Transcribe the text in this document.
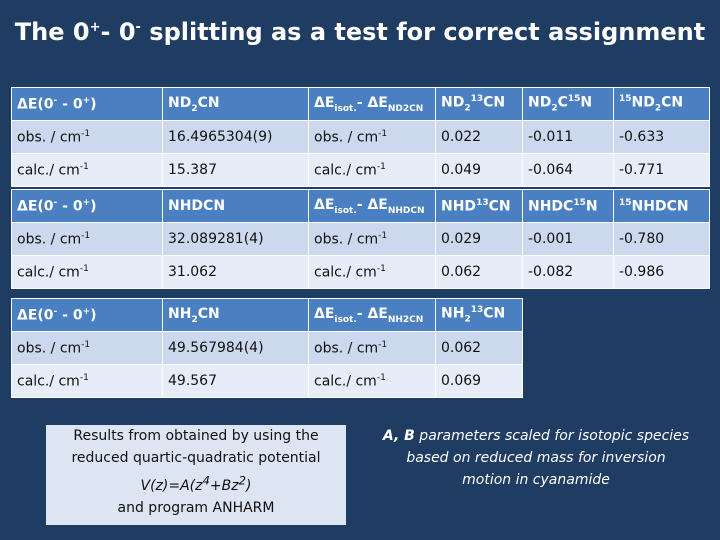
The 0+- 0- splitting as a test for correct assignment
ΔE(0- - 0+)	$ND_2CN$	$\Delta E_{isot.}-$ $\Delta E_{ND2CN}$	$ND_2^{13}CN$	$ND_2C^{15}N$	$^{15}ND_2CN$
obs. / $cm^{-1}$	16.4965304(9)	obs. / $cm^{-1}$	0.022	-0.011	-0.633
calc./ $cm^{-1}$	15.387	calc./ $cm^{-1}$	0.049	-0.064	-0.771
ΔE(0- - 0+)	NHDCN	$\Delta E_{isot.}-$ $\Delta E_{NHDCN}$	NHD$^{13}$CN	NHDC$^{15}$N	$^{15}$NHDCN
obs. / $cm^{-1}$	32.089281(4)	obs. / $cm^{-1}$	0.029	-0.001	-0.780
calc./ $cm^{-1}$	31.062	calc./ $cm^{-1}$	0.062	-0.082	-0.986
ΔE(0- - 0+)	$NH_2CN$	$\Delta E_{isot.}-$ $\Delta E_{NH2CN}$	$NH_2^{13}CN$		
obs. / $cm^{-1}$	49.567984(4)	obs. / $cm^{-1}$	0.062		
calc./ $cm^{-1}$	49.567	calc./ $cm^{-1}$	0.069		
Results from obtained by using the
reduced quartic-quadratic potential
$V(z)=A(z^4+Bz^2)$
and program ANHARM
A, B parameters scaled for isotopic species
based on reduced mass for inversion
motion in cyanamide
